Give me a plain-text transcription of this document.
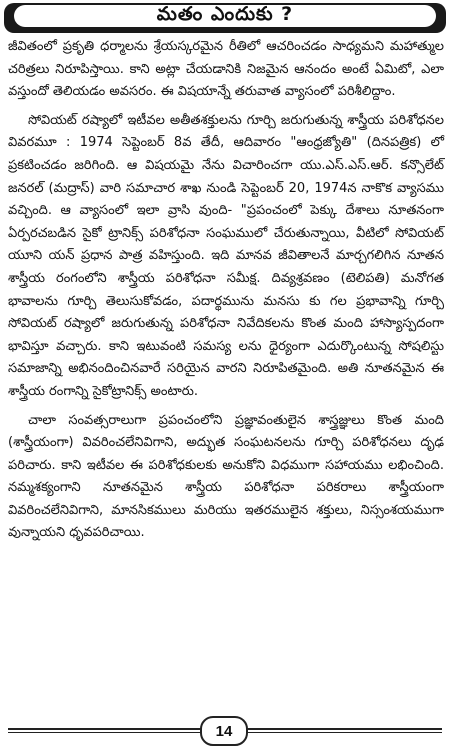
మతం ఎందుకు ?

జీవితంలో ప్రకృతి ధర్మాలను శ్రేయస్కరమైన రీతిలో ఆచరించడం సాధ్యమని మహాత్ముల చరిత్రలు నిరూపిస్తాయి. కాని అట్లా చేయడానికి నిజమైన ఆనందం అంటే ఏమిటో, ఎలా వస్తుందో తెలియడం అవసరం. ఈ విషయాన్నే తరువాత వ్యాసంలో పరిశీలిద్దాం.

సోవియట్ రష్యాలో ఇటీవల అతీతశక్తులను గూర్చి జరుగుతున్న శాస్త్రీయ పరిశోధనల వివరమూ : 1974 సెప్టెంబర్ 8వ తేదీ, ఆదివారం "ఆంధ్రజ్యోతి" (దినపత్రిక) లో ప్రకటించడం జరిగింది. ఆ విషయమై నేను విచారించగా యు.ఎస్.ఎస్.ఆర్. కన్సొలేట్ జనరల్ (మద్రాస్) వారి సమాచార శాఖ నుండి సెప్టెంబర్ 20, 1974న నాకొక వ్యాసము వచ్చింది. ఆ వ్యాసంలో ఇలా వ్రాసి వుంది- "ప్రపంచంలో పెక్కు దేశాలు నూతనంగా ఏర్పరచబడిన సైకో ట్రానిక్స్ పరిశోధనా సంఘములో చేరుతున్నాయి, వీటిలో సోవియట్ యూని యన్ ప్రధాన పాత్ర వహిస్తుంది. ఇది మానవ జీవితాలనే మార్చగలిగిన నూతన శాస్త్రీయ రంగంలోని శాస్త్రీయ పరిశోధనా సమీక్ష. దివ్యశ్రవణం (టెలిపతి) మనోగత భావాలను గూర్చి తెలుసుకోవడం, పదార్థమును మనసు కు గల ప్రభావాన్ని గూర్చి సోవియట్ రష్యాలో జరుగుతున్న పరిశోధనా నివేదికలను కొంత మంది హాస్యాస్పదంగా భావిస్తూ వచ్చారు. కాని ఇటువంటి సమస్య లను ధైర్యంగా ఎదుర్కొంటున్న సోషలిస్టు సమాజాన్ని అభినందించినవారే సరియైన వారని నిరూపితమైంది. అతి నూతనమైన ఈ శాస్త్రీయ రంగాన్ని సైకోట్రానిక్స్ అంటారు.

చాలా సంవత్సరాలుగా ప్రపంచంలోని ప్రజ్ఞావంతులైన శాస్త్రజ్ఞులు కొంత మంది (శాస్త్రీయంగా) వివరించలేనివిగాని, అద్భుత సంఘటనలను గూర్చి పరిశోధనలు దృఢ పరిచారు. కాని ఇటీవల ఈ పరిశోధకులకు అనుకోని విధముగా సహాయము లభించింది. నమ్మశక్యంగాని నూతనమైన శాస్త్రీయ పరిశోధనా పరికరాలు శాస్త్రీయంగా వివరించలేనివిగాని, మానసికములు మరియు ఇతరములైన శక్తులు, నిస్సంశయముగా వున్నాయని ధృవపరిచాయి.

14
